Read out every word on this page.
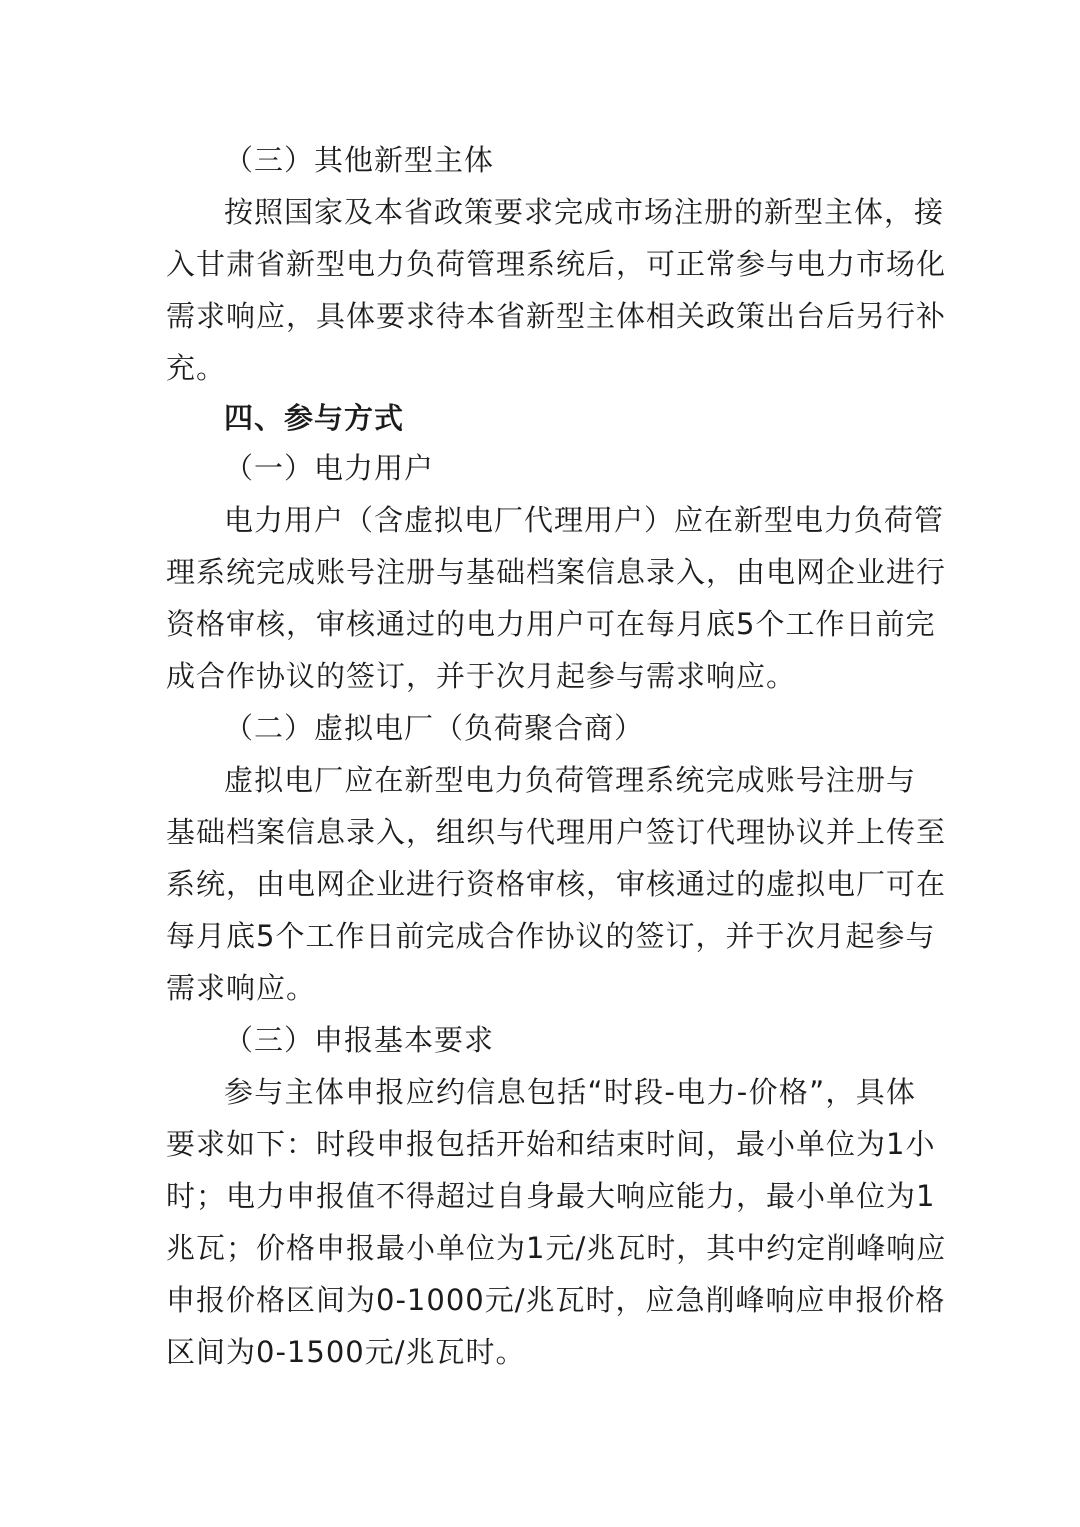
（三）其他新型主体
按照国家及本省政策要求完成市场注册的新型主体，接
入甘肃省新型电力负荷管理系统后，可正常参与电力市场化
需求响应，具体要求待本省新型主体相关政策出台后另行补
充。
四、参与方式
（一）电力用户
电力用户（含虚拟电厂代理用户）应在新型电力负荷管
理系统完成账号注册与基础档案信息录入，由电网企业进行
资格审核，审核通过的电力用户可在每月底5个工作日前完
成合作协议的签订，并于次月起参与需求响应。
（二）虚拟电厂（负荷聚合商）
虚拟电厂应在新型电力负荷管理系统完成账号注册与
基础档案信息录入，组织与代理用户签订代理协议并上传至
系统，由电网企业进行资格审核，审核通过的虚拟电厂可在
每月底5个工作日前完成合作协议的签订，并于次月起参与
需求响应。
（三）申报基本要求
参与主体申报应约信息包括“时段-电力-价格”，具体
要求如下：时段申报包括开始和结束时间，最小单位为1小
时；电力申报值不得超过自身最大响应能力，最小单位为1
兆瓦；价格申报最小单位为1元/兆瓦时，其中约定削峰响应
申报价格区间为0-1000元/兆瓦时，应急削峰响应申报价格
区间为0-1500元/兆瓦时。
